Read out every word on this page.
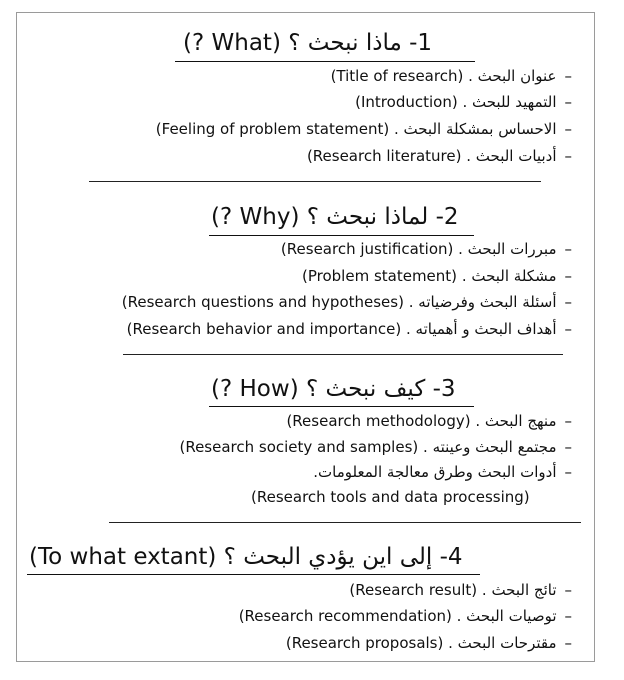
1- ماذا نبحث ؟ (What ?)
–عنوان البحث . (Title of research)
–التمهيد للبحث . (Introduction)
–الاحساس بمشكلة البحث . (Feeling of problem statement)
–أدبيات البحث . (Research literature)
2- لماذا نبحث ؟ (Why ?)
–مبررات البحث . (Research justification)
–مشكلة البحث . (Problem statement)
–أسئلة البحث وفرضياته . (Research questions and hypotheses)
–أهداف البحث و أهمياته . (Research behavior and importance)
3- كيف نبحث ؟ (How ?)
–منهج البحث . (Research methodology)
–مجتمع البحث وعينته . (Research society and samples)
–أدوات البحث وطرق معالجة المعلومات.
(Research tools and data processing)
4- إلى اين يؤدي البحث ؟ (To what extant)
–تائج البحث . (Research result)
–توصيات البحث . (Research recommendation)
–مقترحات البحث . (Research proposals)
